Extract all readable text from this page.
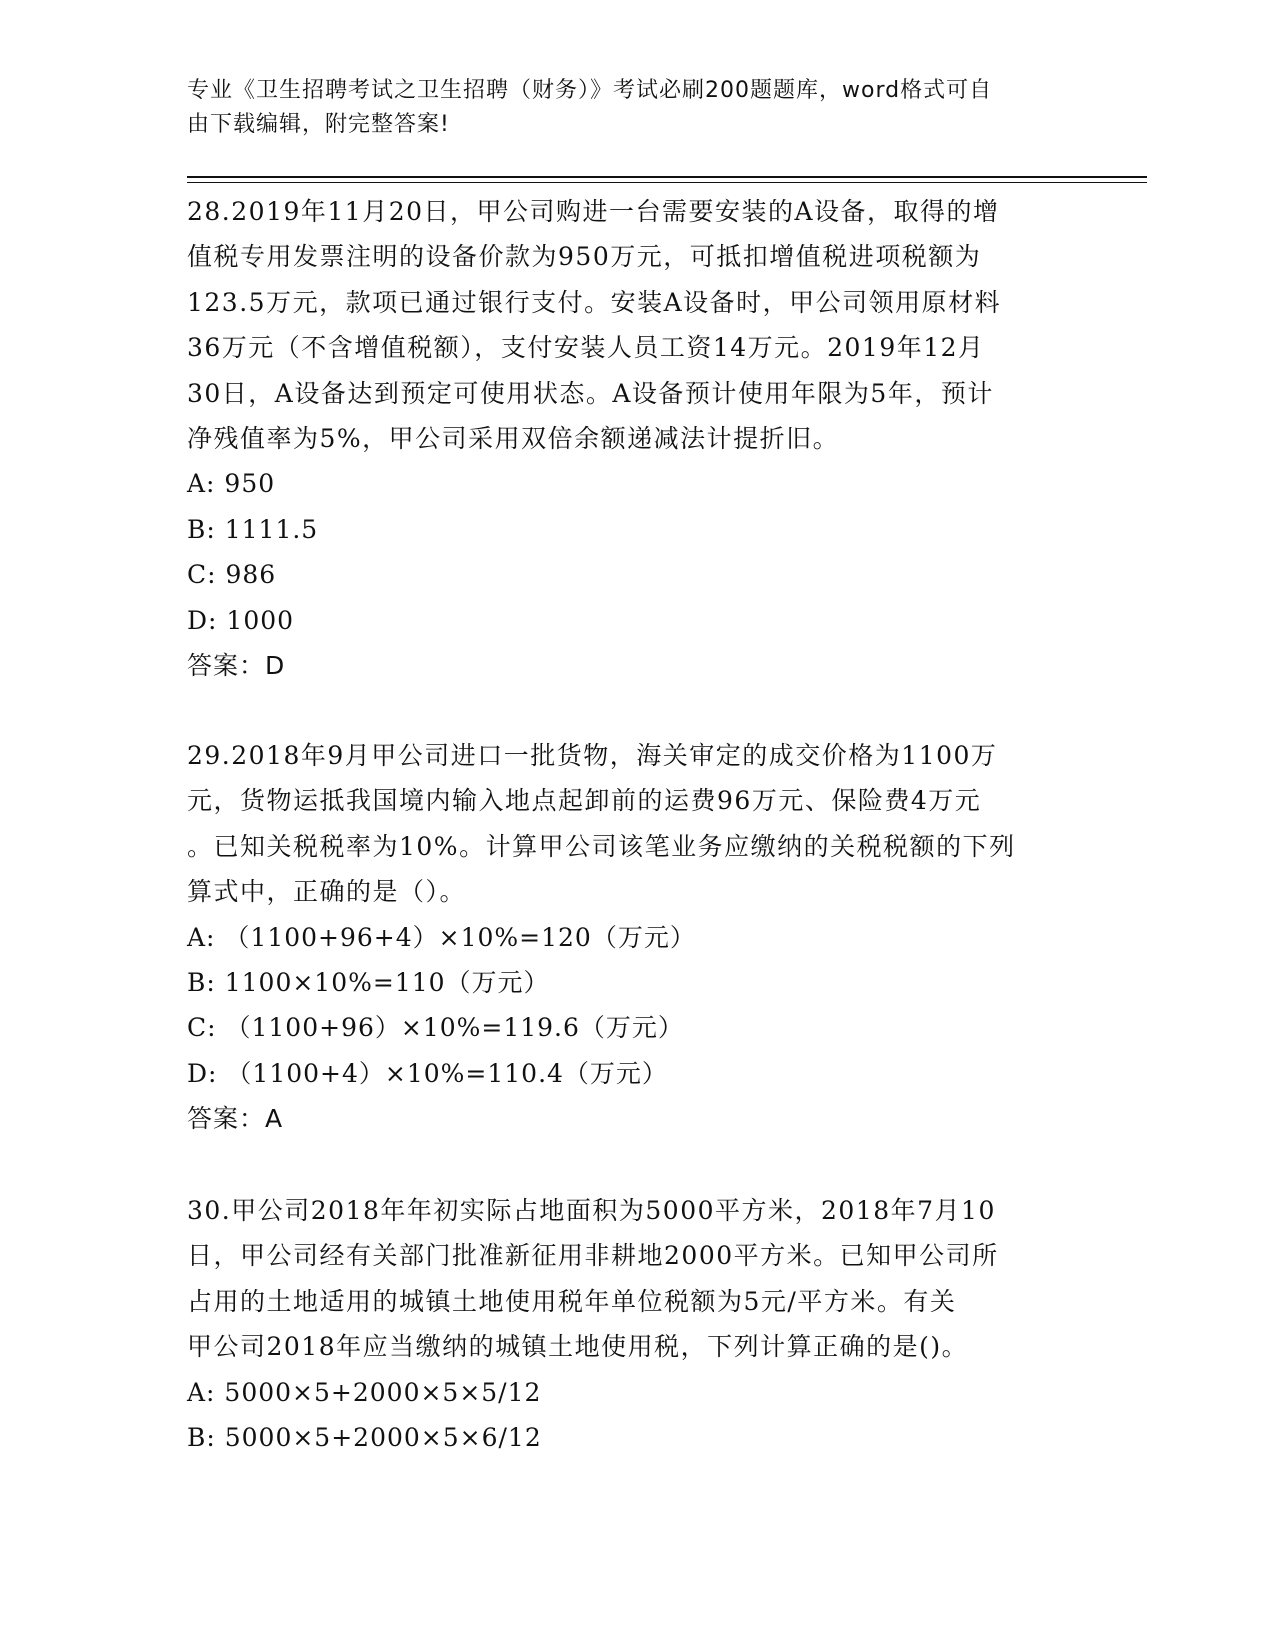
专业《卫生招聘考试之卫生招聘（财务）》考试必刷200题题库，word格式可自
由下载编辑，附完整答案!
28.2019年11月20日，甲公司购进一台需要安装的A设备，取得的增
值税专用发票注明的设备价款为950万元，可抵扣增值税进项税额为
123.5万元，款项已通过银行支付。安装A设备时，甲公司领用原材料
36万元（不含增值税额），支付安装人员工资14万元。2019年12月
30日，A设备达到预定可使用状态。A设备预计使用年限为5年，预计
净残值率为5%，甲公司采用双倍余额递减法计提折旧。
A: 950
B: 1111.5
C: 986
D: 1000
答案：D
29.2018年9月甲公司进口一批货物，海关审定的成交价格为1100万
元，货物运抵我国境内输入地点起卸前的运费96万元、保险费4万元
。已知关税税率为10%。计算甲公司该笔业务应缴纳的关税税额的下列
算式中，正确的是（）。
A: （1100+96+4）×10%=120（万元）
B: 1100×10%=110（万元）
C: （1100+96）×10%=119.6（万元）
D: （1100+4）×10%=110.4（万元）
答案：A
30.甲公司2018年年初实际占地面积为5000平方米，2018年7月10
日，甲公司经有关部门批准新征用非耕地2000平方米。已知甲公司所
占用的土地适用的城镇土地使用税年单位税额为5元/平方米。有关
甲公司2018年应当缴纳的城镇土地使用税，下列计算正确的是()。
A: 5000×5+2000×5×5/12
B: 5000×5+2000×5×6/12
